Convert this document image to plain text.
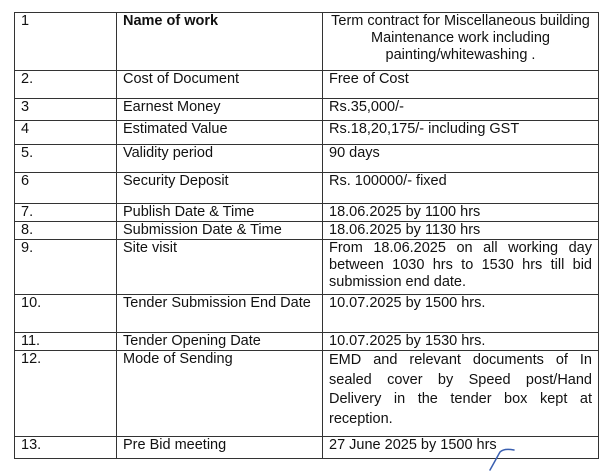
1	Name of work	Term contract for Miscellaneous building Maintenance work including painting/whitewashing .
2.	Cost of Document	Free of Cost
3	Earnest Money	Rs.35,000/-
4	Estimated Value	Rs.18,20,175/- including GST
5.	Validity period	90 days
6	Security Deposit	Rs. 100000/- fixed
7.	Publish Date & Time	18.06.2025 by 1100 hrs
8.	Submission Date & Time	18.06.2025 by 1130 hrs
9.	Site visit	From 18.06.2025 on all working day between 1030 hrs to 1530 hrs till bid submission end date.
10.	Tender Submission End Date	10.07.2025 by 1500 hrs.
11.	Tender Opening Date	10.07.2025 by 1530 hrs.
12.	Mode of Sending	EMD and relevant documents of In sealed cover by Speed post/Hand Delivery in the tender box kept at reception.
13.	Pre Bid meeting	27 June 2025 by 1500 hrs
